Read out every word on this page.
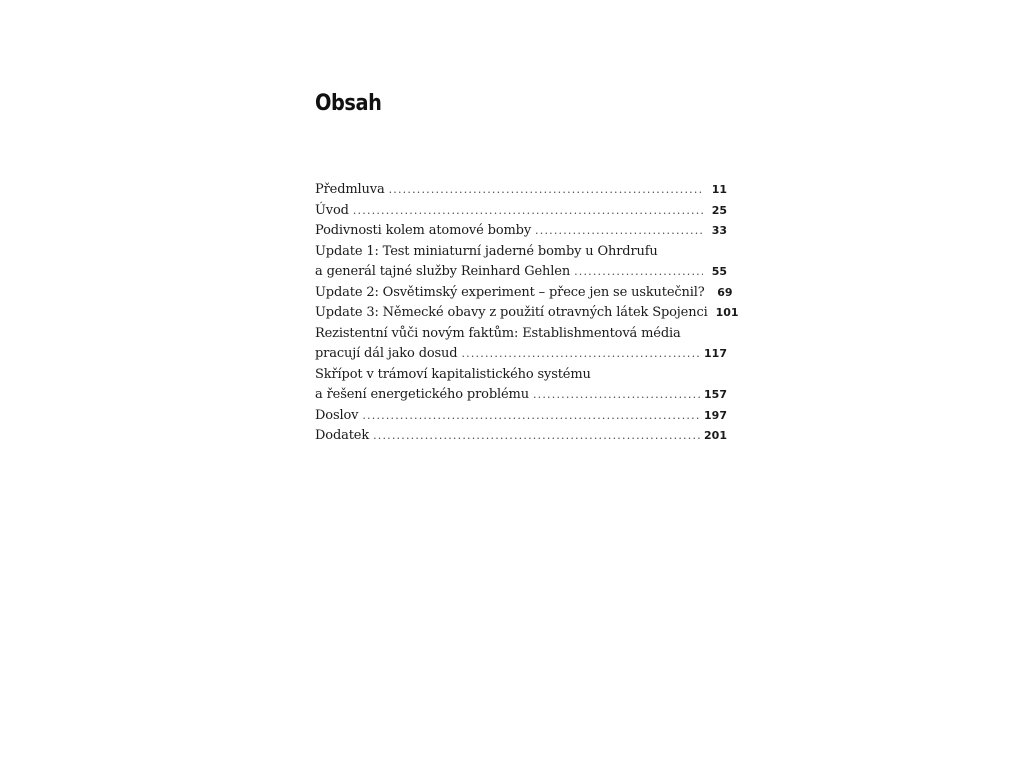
Obsah
Předmluva .....	11
Úvod .....	25
Podivnosti kolem atomové bomby .....	33
Update 1: Test miniaturní jaderné bomby u Ohrdrufu
a generál tajné služby Reinhard Gehlen .....	55
Update 2: Osvětimský experiment – přece jen se uskutečnil?	69
Update 3: Německé obavy z použití otravných látek Spojenci 101
Rezistentní vůči novým faktům: Establishmentová média
pracují dál jako dosud .....	117
Skřípot v trámoví kapitalistického systému
a řešení energetického problému .....	157
Doslov .....	197
Dodatek .....	201
